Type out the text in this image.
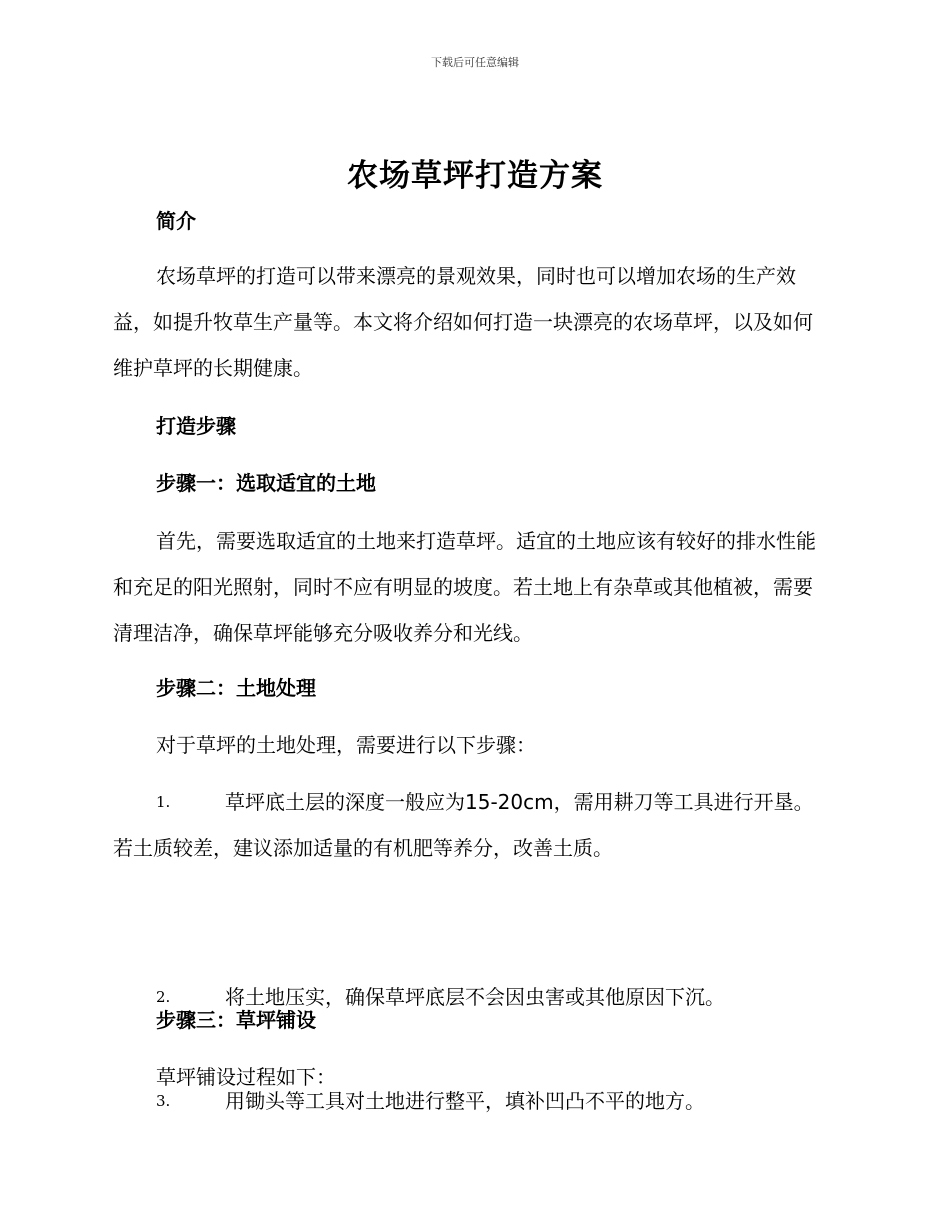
下载后可任意编辑
农场草坪打造方案
简介
农场草坪的打造可以带来漂亮的景观效果，同时也可以增加农场的生产效益，如提升牧草生产量等。本文将介绍如何打造一块漂亮的农场草坪，以及如何维护草坪的长期健康。
打造步骤
步骤一：选取适宜的土地
首先，需要选取适宜的土地来打造草坪。适宜的土地应该有较好的排水性能和充足的阳光照射，同时不应有明显的坡度。若土地上有杂草或其他植被，需要清理洁净，确保草坪能够充分吸收养分和光线。
步骤二：土地处理
对于草坪的土地处理，需要进行以下步骤：
1.	草坪底土层的深度一般应为15-20cm，需用耕刀等工具进行开垦。若土质较差，建议添加适量的有机肥等养分，改善土质。
2.	将土地压实，确保草坪底层不会因虫害或其他原因下沉。
3.	用锄头等工具对土地进行整平，填补凹凸不平的地方。
步骤三：草坪铺设
草坪铺设过程如下：
